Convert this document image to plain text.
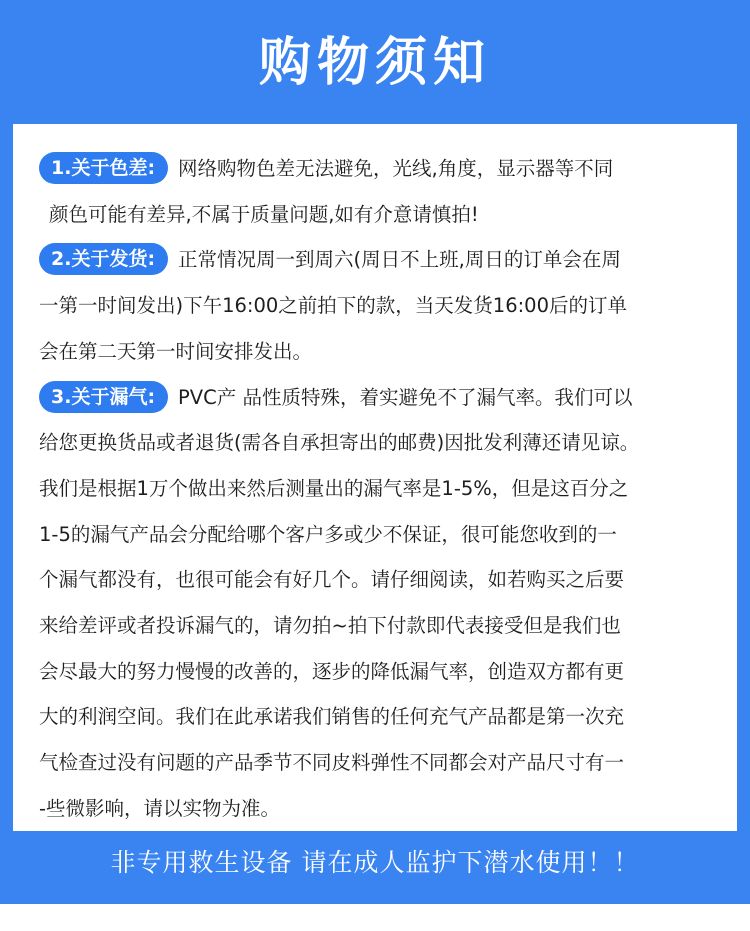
购物须知
1.关于色差: 网络购物色差无法避免，光线,角度，显示器等不同
颜色可能有差异,不属于质量问题,如有介意请慎拍!
2.关于发货: 正常情况周一到周六(周日不上班,周日的订单会在周
一第一时间发出)下午16:00之前拍下的款，当天发货16:00后的订单
会在第二天第一时间安排发出。
3.关于漏气: PVC产 品性质特殊，着实避免不了漏气率。我们可以
给您更换货品或者退货(需各自承担寄出的邮费)因批发利薄还请见谅。
我们是根据1万个做出来然后测量出的漏气率是1-5%，但是这百分之
1-5的漏气产品会分配给哪个客户多或少不保证，很可能您收到的一
个漏气都没有，也很可能会有好几个。请仔细阅读，如若购买之后要
来给差评或者投诉漏气的，请勿拍~拍下付款即代表接受但是我们也
会尽最大的努力慢慢的改善的，逐步的降低漏气率，创造双方都有更
大的利润空间。我们在此承诺我们销售的任何充气产品都是第一次充
气检查过没有问题的产品季节不同皮料弹性不同都会对产品尺寸有一
-些微影响，请以实物为准。
非专用救生设备 请在成人监护下潜水使用！！
